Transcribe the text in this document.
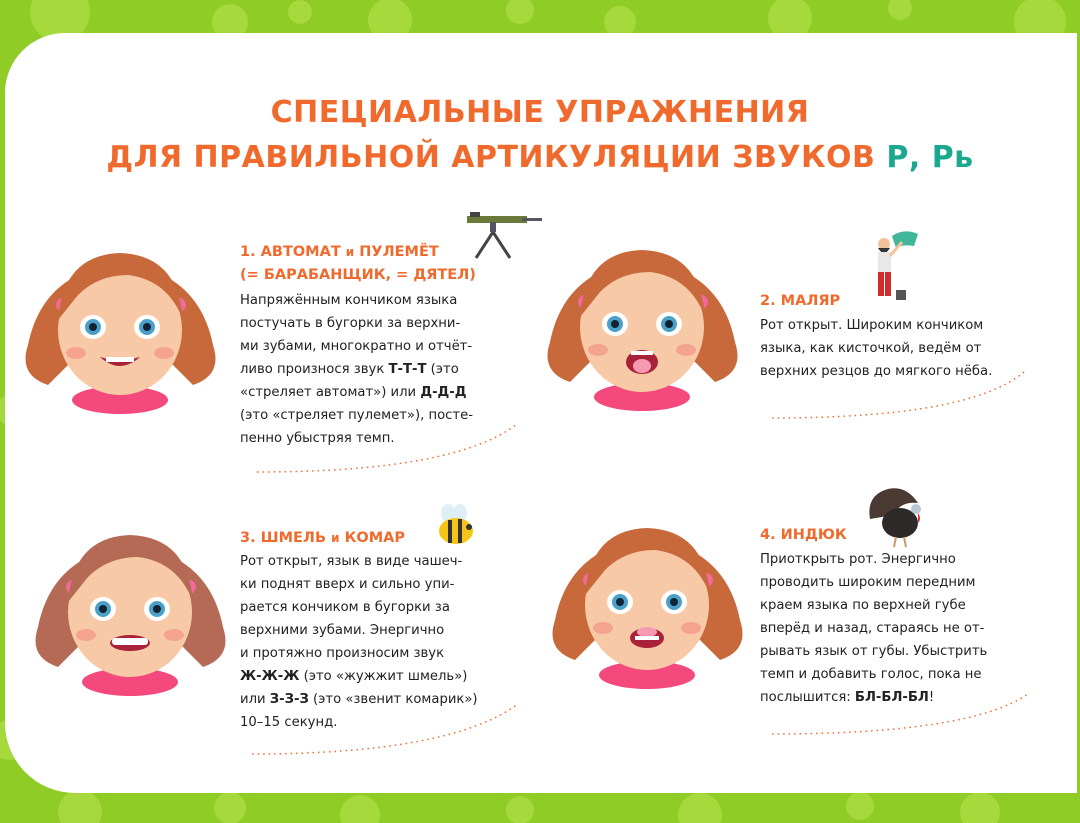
СПЕЦИАЛЬНЫЕ УПРАЖНЕНИЯ
ДЛЯ ПРАВИЛЬНОЙ АРТИКУЛЯЦИИ ЗВУКОВ Р, Рь
1. АВТОМАТ и ПУЛЕМЁТ
(= БАРАБАНЩИК, = ДЯТЕЛ)
Напряжённым кончиком языка
постучать в бугорки за верхни-
ми зубами, многократно и отчёт-
ливо произнося звук Т-Т-Т (это
«стреляет автомат») или Д-Д-Д
(это «стреляет пулемет»), посте-
пенно убыстряя темп.
2. МАЛЯР
Рот открыт. Широким кончиком
языка, как кисточкой, ведём от
верхних резцов до мягкого нёба.
3. ШМЕЛЬ и КОМАР
Рот открыт, язык в виде чашеч-
ки поднят вверх и сильно упи-
рается кончиком в бугорки за
верхними зубами. Энергично
и протяжно произносим звук
Ж-Ж-Ж (это «жужжит шмель»)
или З-З-З (это «звенит комарик»)
10–15 секунд.
4. ИНДЮК
Приоткрыть рот. Энергично
проводить широким передним
краем языка по верхней губе
вперёд и назад, стараясь не от-
рывать язык от губы. Убыстрить
темп и добавить голос, пока не
послышится: БЛ-БЛ-БЛ!
